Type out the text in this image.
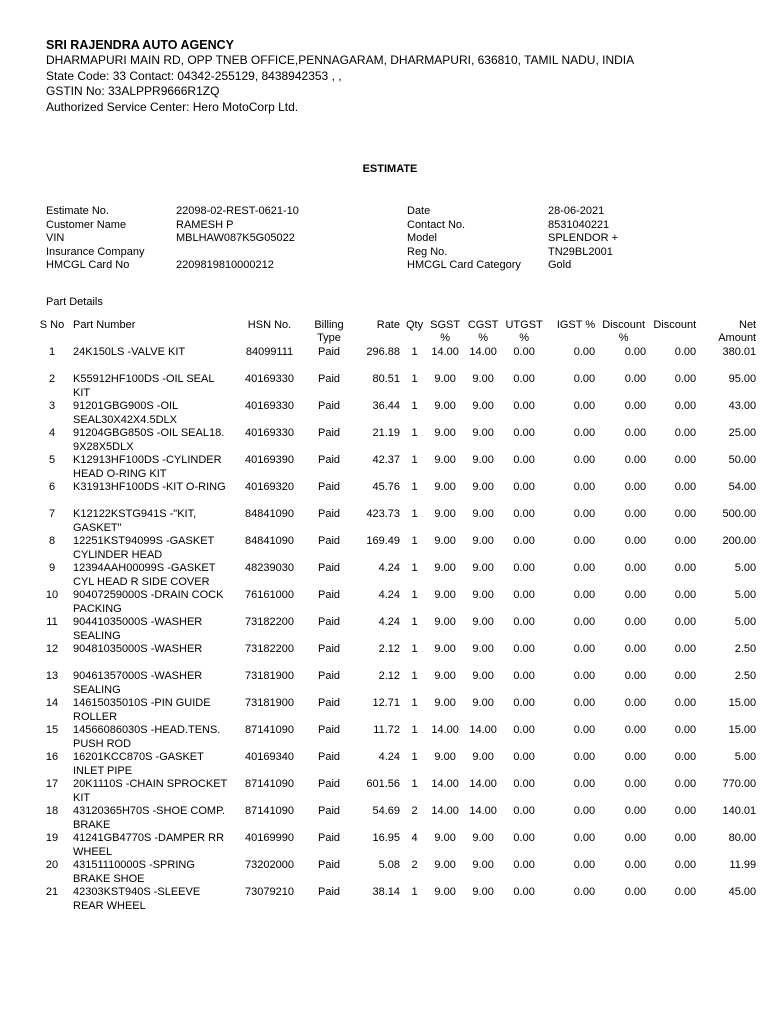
SRI RAJENDRA AUTO AGENCY
DHARMAPURI MAIN RD, OPP TNEB OFFICE,PENNAGARAM, DHARMAPURI, 636810, TAMIL NADU, INDIA
State Code: 33 Contact: 04342-255129, 8438942353 , ,
GSTIN No: 33ALPPR9666R1ZQ
Authorized Service Center: Hero MotoCorp Ltd.
ESTIMATE
Estimate No.	22098-02-REST-0621-10
Customer Name	RAMESH P
VIN	MBLHAW087K5G05022
Insurance Company
HMCGL Card No	2209819810000212
Date	28-06-2021
Contact No.	8531040221
Model	SPLENDOR +
Reg No.	TN29BL2001
HMCGL Card Category Gold
Part Details
S No	Part Number	HSN No.	Billing Type	Rate	Qty	SGST %	CGST %	UTGST %	IGST %	Discount %	Discount	Net Amount
1	24K150LS -VALVE KIT	84099111	Paid	296.88	1	14.00	14.00	0.00	0.00	0.00	0.00	380.01
2	K55912HF100DS -OIL SEAL KIT	40169330	Paid	80.51	1	9.00	9.00	0.00	0.00	0.00	0.00	95.00
3	91201GBG900S -OIL SEAL30X42X4.5DLX	40169330	Paid	36.44	1	9.00	9.00	0.00	0.00	0.00	0.00	43.00
4	91204GBG850S -OIL SEAL18. 9X28X5DLX	40169330	Paid	21.19	1	9.00	9.00	0.00	0.00	0.00	0.00	25.00
5	K12913HF100DS -CYLINDER HEAD O-RING KIT	40169390	Paid	42.37	1	9.00	9.00	0.00	0.00	0.00	0.00	50.00
6	K31913HF100DS -KIT O-RING	40169320	Paid	45.76	1	9.00	9.00	0.00	0.00	0.00	0.00	54.00
7	K12122KSTG941S -"KIT, GASKET"	84841090	Paid	423.73	1	9.00	9.00	0.00	0.00	0.00	0.00	500.00
8	12251KST94099S -GASKET CYLINDER HEAD	84841090	Paid	169.49	1	9.00	9.00	0.00	0.00	0.00	0.00	200.00
9	12394AAH00099S -GASKET CYL HEAD R SIDE COVER	48239030	Paid	4.24	1	9.00	9.00	0.00	0.00	0.00	0.00	5.00
10	90407259000S -DRAIN COCK PACKING	76161000	Paid	4.24	1	9.00	9.00	0.00	0.00	0.00	0.00	5.00
11	90441035000S -WASHER SEALING	73182200	Paid	4.24	1	9.00	9.00	0.00	0.00	0.00	0.00	5.00
12	90481035000S -WASHER	73182200	Paid	2.12	1	9.00	9.00	0.00	0.00	0.00	0.00	2.50
13	90461357000S -WASHER SEALING	73181900	Paid	2.12	1	9.00	9.00	0.00	0.00	0.00	0.00	2.50
14	14615035010S -PIN GUIDE ROLLER	73181900	Paid	12.71	1	9.00	9.00	0.00	0.00	0.00	0.00	15.00
15	14566086030S -HEAD.TENS. PUSH ROD	87141090	Paid	11.72	1	14.00	14.00	0.00	0.00	0.00	0.00	15.00
16	16201KCC870S -GASKET INLET PIPE	40169340	Paid	4.24	1	9.00	9.00	0.00	0.00	0.00	0.00	5.00
17	20K1110S -CHAIN SPROCKET KIT	87141090	Paid	601.56	1	14.00	14.00	0.00	0.00	0.00	0.00	770.00
18	43120365H70S -SHOE COMP. BRAKE	87141090	Paid	54.69	2	14.00	14.00	0.00	0.00	0.00	0.00	140.01
19	41241GB4770S -DAMPER RR WHEEL	40169990	Paid	16.95	4	9.00	9.00	0.00	0.00	0.00	0.00	80.00
20	43151110000S -SPRING BRAKE SHOE	73202000	Paid	5.08	2	9.00	9.00	0.00	0.00	0.00	0.00	11.99
21	42303KST940S -SLEEVE REAR WHEEL	73079210	Paid	38.14	1	9.00	9.00	0.00	0.00	0.00	0.00	45.00
